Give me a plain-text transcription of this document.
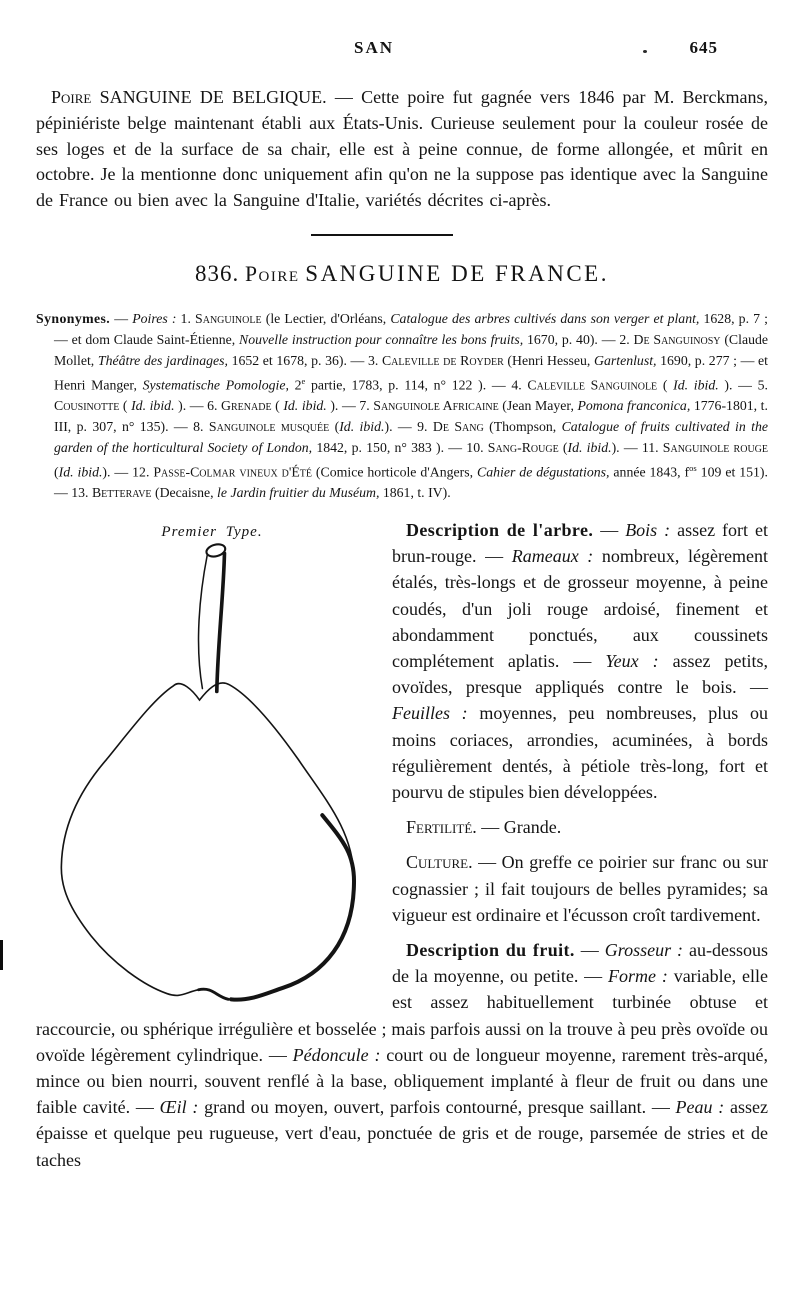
SAN	645

Poire SANGUINE DE BELGIQUE. — Cette poire fut gagnée vers 1846 par M. Berckmans, pépiniériste belge maintenant établi aux États-Unis. Curieuse seulement pour la couleur rosée de ses loges et de la surface de sa chair, elle est à peine connue, de forme allongée, et mûrit en octobre. Je la mentionne donc uniquement afin qu'on ne la suppose pas identique avec la Sanguine de France ou bien avec la Sanguine d'Italie, variétés décrites ci-après.

836. Poire SANGUINE DE FRANCE.

Synonymes. — Poires : 1. Sanguinole (le Lectier, d'Orléans, Catalogue des arbres cultivés dans son verger et plant, 1628, p. 7 ; — et dom Claude Saint-Étienne, Nouvelle instruction pour connaître les bons fruits, 1670, p. 40). — 2. De Sanguinosy (Claude Mollet, Théâtre des jardinages, 1652 et 1678, p. 36). — 3. Caleville de Royder (Henri Hesseu, Gartenlust, 1690, p. 277 ; — et Henri Manger, Systematische Pomologie, 2e partie, 1783, p. 114, n° 122 ). — 4. Caleville Sanguinole ( Id. ibid. ). — 5. Cousinotte ( Id. ibid. ). — 6. Grenade ( Id. ibid. ). — 7. Sanguinole Africaine (Jean Mayer, Pomona franconica, 1776-1801, t. III, p. 307, n° 135). — 8. Sanguinole musquée (Id. ibid.). — 9. De Sang (Thompson, Catalogue of fruits cultivated in the garden of the horticultural Society of London, 1842, p. 150, n° 383 ). — 10. Sang-Rouge (Id. ibid.). — 11. Sanguinole rouge (Id. ibid.). — 12. Passe-Colmar vineux d'Été (Comice horticole d'Angers, Cahier de dégustations, année 1843, $f^{os}$ 109 et 151). — 13. Betterave (Decaisne, le Jardin fruitier du Muséum, 1861, t. IV).

Premier Type.	Description de l'arbre. — Bois : assez fort et brun-rouge. — Rameaux : nombreux, légèrement étalés, très-longs et de grosseur moyenne, à peine coudés, d'un joli rouge ardoisé, finement et abondamment ponctués, aux coussinets complétement aplatis. — Yeux : assez petits, ovoïdes, presque appliqués contre le bois. — Feuilles : moyennes, peu nombreuses, plus ou moins coriaces, arrondies, acuminées, à bords régulièrement dentés, à pétiole très-long, fort et pourvu de stipules bien développées.

Fertilité. — Grande.

Culture. — On greffe ce poirier sur franc ou sur cognassier ; il fait toujours de belles pyramides; sa vigueur est ordinaire et l'écusson croît tardivement.

Description du fruit. — Grosseur : au-dessous de la moyenne, ou petite. — Forme : variable, elle est assez habituellement turbinée obtuse et raccourcie, ou sphérique irrégulière et bosselée ; mais parfois aussi on la trouve à peu près ovoïde ou ovoïde légèrement cylindrique. — Pédoncule : court ou de longueur moyenne, rarement très-arqué, mince ou bien nourri, souvent renflé à la base, obliquement implanté à fleur de fruit ou dans une faible cavité. — Œil : grand ou moyen, ouvert, parfois contourné, presque saillant. — Peau : assez épaisse et quelque peu rugueuse, vert d'eau, ponctuée de gris et de rouge, parsemée de stries et de taches
